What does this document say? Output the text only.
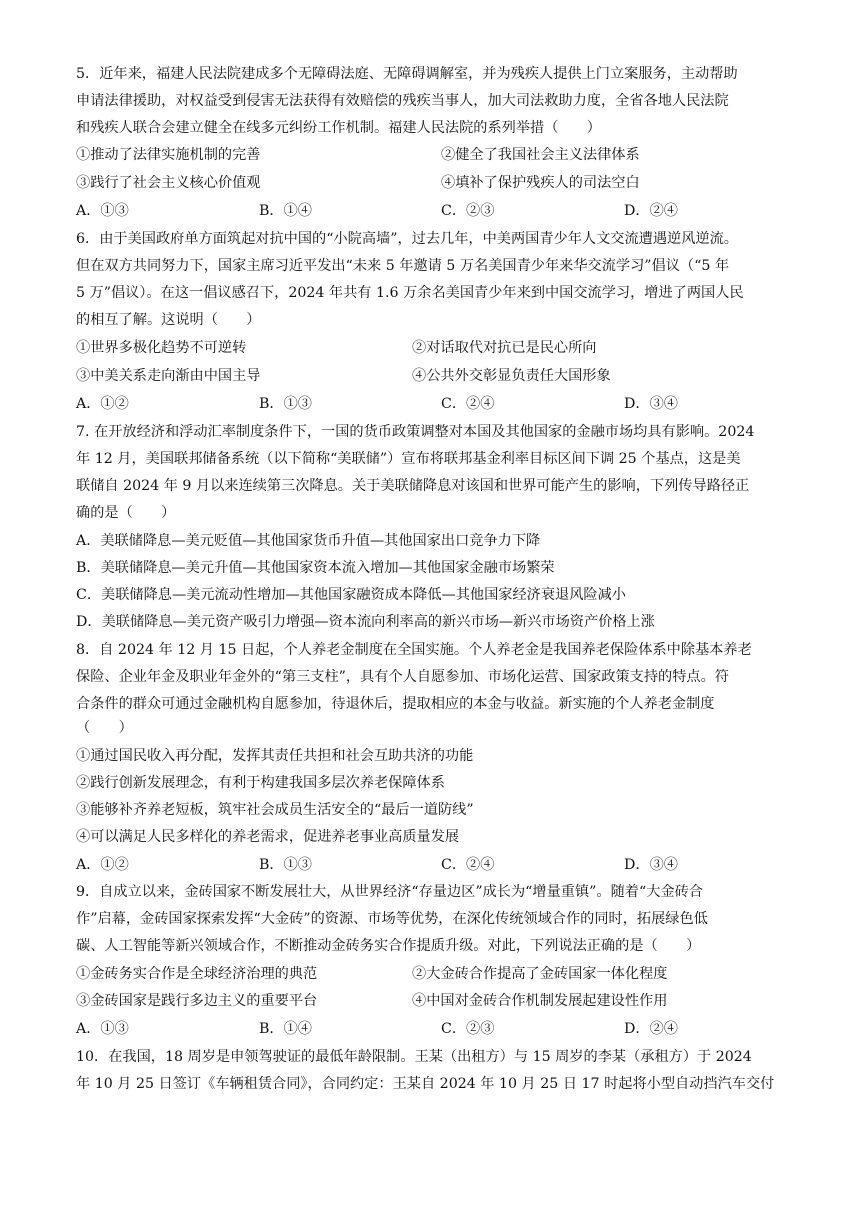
5．近年来，福建人民法院建成多个无障碍法庭、无障碍调解室，并为残疾人提供上门立案服务，主动帮助
申请法律援助，对权益受到侵害无法获得有效赔偿的残疾当事人，加大司法救助力度，全省各地人民法院
和残疾人联合会建立健全在线多元纠纷工作机制。福建人民法院的系列举措（　　）
①推动了法律实施机制的完善	②健全了我国社会主义法律体系
③践行了社会主义核心价值观	④填补了保护残疾人的司法空白
A．①③	B．①④	C．②③	D．②④
6．由于美国政府单方面筑起对抗中国的“小院高墙”，过去几年，中美两国青少年人文交流遭遇逆风逆流。
但在双方共同努力下，国家主席习近平发出“未来 5 年邀请 5 万名美国青少年来华交流学习”倡议（“5 年
5 万”倡议）。在这一倡议感召下，2024 年共有 1.6 万余名美国青少年来到中国交流学习，增进了两国人民
的相互了解。这说明（　　）
①世界多极化趋势不可逆转	②对话取代对抗已是民心所向
③中美关系走向渐由中国主导	④公共外交彰显负责任大国形象
A．①②	B．①③	C．②④	D．③④
7. 在开放经济和浮动汇率制度条件下，一国的货币政策调整对本国及其他国家的金融市场均具有影响。2024
年 12 月，美国联邦储备系统（以下简称“美联储”）宣布将联邦基金利率目标区间下调 25 个基点，这是美
联储自 2024 年 9 月以来连续第三次降息。关于美联储降息对该国和世界可能产生的影响，下列传导路径正
确的是（　　）
A．美联储降息—美元贬值—其他国家货币升值—其他国家出口竞争力下降
B．美联储降息—美元升值—其他国家资本流入增加—其他国家金融市场繁荣
C．美联储降息—美元流动性增加—其他国家融资成本降低—其他国家经济衰退风险减小
D．美联储降息—美元资产吸引力增强—资本流向利率高的新兴市场—新兴市场资产价格上涨
8．自 2024 年 12 月 15 日起，个人养老金制度在全国实施。个人养老金是我国养老保险体系中除基本养老
保险、企业年金及职业年金外的“第三支柱”，具有个人自愿参加、市场化运营、国家政策支持的特点。符
合条件的群众可通过金融机构自愿参加，待退休后，提取相应的本金与收益。新实施的个人养老金制度
（　　）
①通过国民收入再分配，发挥其责任共担和社会互助共济的功能
②践行创新发展理念，有利于构建我国多层次养老保障体系
③能够补齐养老短板，筑牢社会成员生活安全的“最后一道防线”
④可以满足人民多样化的养老需求，促进养老事业高质量发展
A．①②	B．①③	C．②④	D．③④
9．自成立以来，金砖国家不断发展壮大，从世界经济“存量边区”成长为“增量重镇”。随着“大金砖合
作”启幕，金砖国家探索发挥“大金砖”的资源、市场等优势，在深化传统领域合作的同时，拓展绿色低
碳、人工智能等新兴领域合作，不断推动金砖务实合作提质升级。对此，下列说法正确的是（　　）
①金砖务实合作是全球经济治理的典范	②大金砖合作提高了金砖国家一体化程度
③金砖国家是践行多边主义的重要平台	④中国对金砖合作机制发展起建设性作用
A．①③	B．①④	C．②③	D．②④
10．在我国，18 周岁是申领驾驶证的最低年龄限制。王某（出租方）与 15 周岁的李某（承租方）于 2024
年 10 月 25 日签订《车辆租赁合同》，合同约定：王某自 2024 年 10 月 25 日 17 时起将小型自动挡汽车交付
